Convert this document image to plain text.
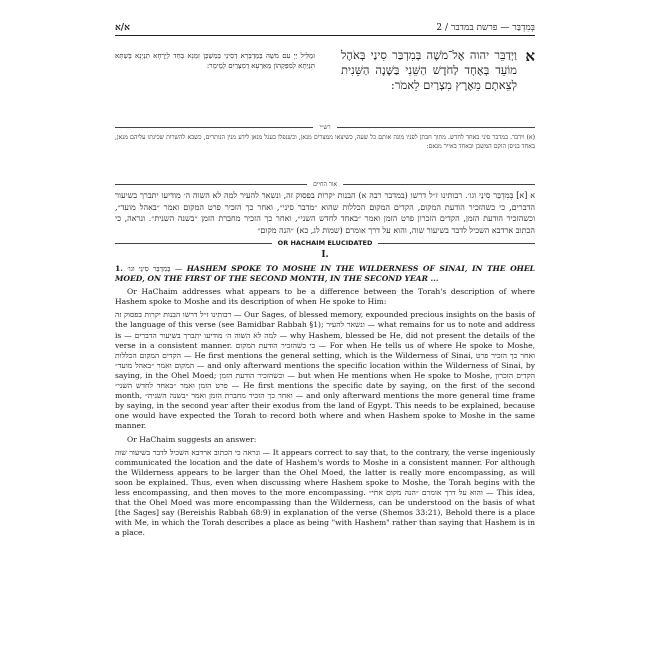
א/א	בְּמִדְבַּר — פרשת במדבר / 2
א
וַיְדַבֵּר יהוה אֶל־מֹשֶׁה בְּמִדְבַּר סִינַי בְּאֹהֶל מוֹעֵד בְּאֶחָד לַחֹדֶשׁ הַשֵּׁנִי בַּשָּׁנָה הַשֵּׁנִית לְצֵאתָם מֵאֶרֶץ מִצְרַיִם לֵאמֹר:
וּמַלִּיל יְיָ עִם משֶׁה בְּמַדְבְּרָא דְסִינַי בְּמַשְׁכַּן זִמְנָא בְּחַד לְיַרְחָא תִנְיָנָא בְּשַׁתָּא תִנְיֵתָא לְמִפַּקְהוֹן מֵאַרְעָא דְמִצְרַיִם לְמֵימָר:
רש״י
(א) וידבר. במדבר סיני באחד לחדש. מתוך חבתן לפניו מונה אותם כל שעה, כשיצאו ממצרים מנאן, וכשנפלו בעגל מנאן לידע מנין הנותרים, כשבא להשרות שכינתו עליהם מנאן, באחד בניסן הוקם המשכן ובאחד באייר מנאם:
אור החיים
א [א] בְּמִדְבַּר סִינַי וגו׳. רבותינו ז״ל דרשו (במדבר רבה א) הבנות יקרות בפסוק זה, ונשאר להעיר למה לא השוה ה׳ מודיעו יתברך בשיעור הדברים, כי כשהזכיר הודעת המקום, הקדים המקום הכללות שהוא ״מדבר סיני״, ואחר כך הזכיר פרט המקום ואמר ״באהל מועד״, וכשהזכיר הודעת הזמן, הקדים הזכרון פרט הזמן ואמר ״באחד לחדש השני״, ואחר כך הזכיר מחברת הזמן ״בשנה השנית״. ונראה, כי הכתוב ארדבא השכיל לדבר בשיעור שוה, והוא על דרך אומרם (שמות לג, כא) ״הנה מקום״
OR HACHAIM ELUCIDATED
I.

1. בְּמִדְבַּר סִינַי וגו׳ — HASHEM SPOKE TO MOSHE IN THE WILDERNESS OF SINAI, IN THE OHEL MOED, ON THE FIRST OF THE SECOND MONTH, IN THE SECOND YEAR ...

Or HaChaim addresses what appears to be a difference between the Torah's description of where Hashem spoke to Moshe and its description of when He spoke to Him:

רבותינו ז״ל דרשו הבנות יקרות בפסוק זה — Our Sages, of blessed memory, expounded precious insights on the basis of the language of this verse (see Bamidbar Rabbah §1); ונשאר להעיר — what remains for us to note and address is — למה לא השוה ה׳ מודיעו יתברך בשיעור הדברים — why Hashem, blessed be He, did not present the details of the verse in a consistent manner. כי כשהזכיר הודעת המקום — For when He tells us of where He spoke to Moshe, הקדים המקום הכללות — He first mentions the general setting, which is the Wilderness of Sinai, ואחר כך הזכיר פרט המקום ואמר ״באהל מועד״ — and only afterward mentions the specific location within the Wilderness of Sinai, by saying, in the Ohel Moed; וכשהזכיר הודעת הזמן — but when He mentions when He spoke to Moshe, הקדים הזכרון פרט הזמן ואמר ״באחד לחדש השני״ — He first mentions the specific date by saying, on the first of the second month, ואחר כך הזכיר מחברת הזמן ואמר ״בשנה השנית״ — and only afterward mentions the more general time frame by saying, in the second year after their exodus from the land of Egypt. This needs to be explained, because one would have expected the Torah to record both where and when Hashem spoke to Moshe in the same manner.

Or HaChaim suggests an answer:

ונראה כי הכתוב ארדבא השכיל לדבר בשיעור שוה — It appears correct to say that, to the contrary, the verse ingeniously communicated the location and the date of Hashem's words to Moshe in a consistent manner. For although the Wilderness appears to be larger than the Ohel Moed, the latter is really more encompassing, as will soon be explained. Thus, even when discussing where Hashem spoke to Moshe, the Torah begins with the less encompassing, and then moves to the more encompassing. והוא על דרך אומרם ״הנה מקום אתי״ — This idea, that the Ohel Moed was more encompassing than the Wilderness, can be understood on the basis of what [the Sages] say (Bereishis Rabbah 68:9) in explanation of the verse (Shemos 33:21), Behold there is a place with Me, in which the Torah describes a place as being "with Hashem" rather than saying that Hashem is in a place.
